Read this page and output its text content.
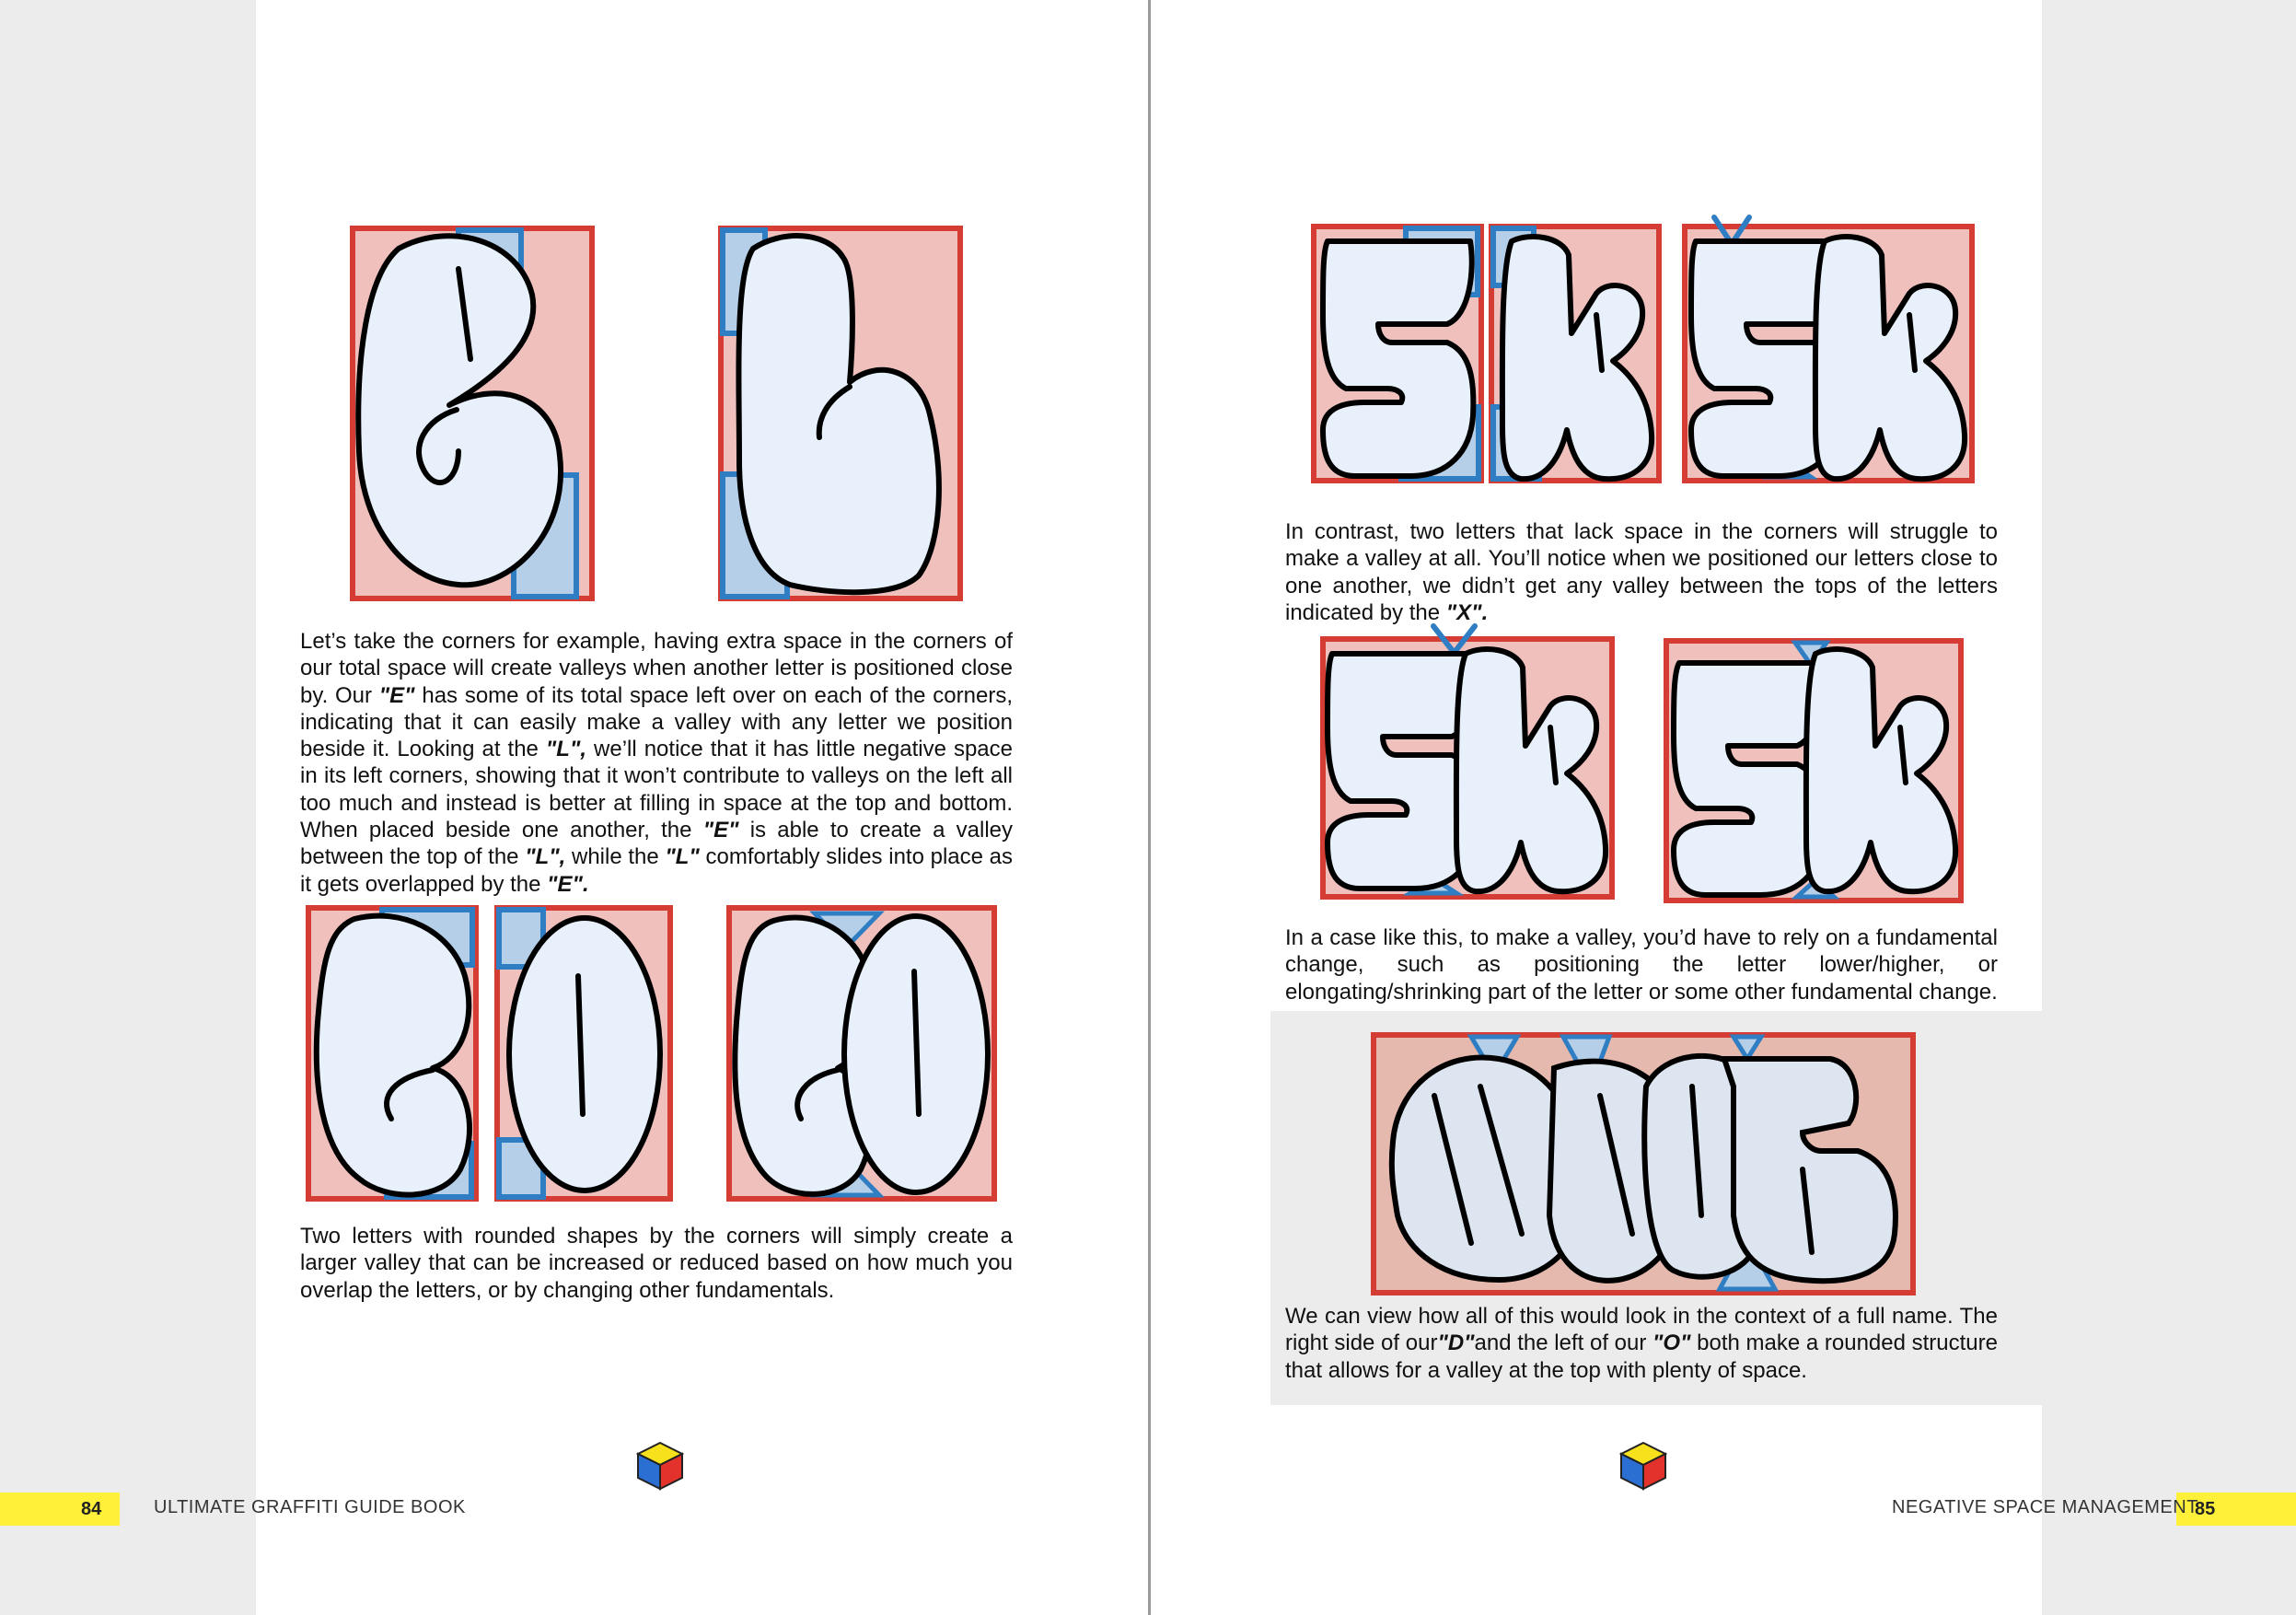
Let’s take the corners for example, having extra space in the corners of our total space will create valleys when another letter is positioned close by. Our "E" has some of its total space left over on each of the corners, indicating that it can easily make a valley with any letter we position beside it. Looking at the "L", we’ll notice that it has little negative space in its left corners, showing that it won’t contribute to valleys on the left all too much and instead is better at filling in space at the top and bottom. When placed beside one another, the "E" is able to create a valley between the top of the "L", while the "L" comfortably slides into place as it gets overlapped by the "E".

Two letters with rounded shapes by the corners will simply create a larger valley that can be increased or reduced based on how much you overlap the letters, or by changing other fundamentals.

In contrast, two letters that lack space in the corners will struggle to make a valley at all. You’ll notice when we positioned our letters close to one another, we didn’t get any valley between the tops of the letters indicated by the "X".

In a case like this, to make a valley, you’d have to rely on a fundamental change, such as positioning the letter lower/higher, or elongating/shrinking part of the letter or some other fundamental change.

We can view how all of this would look in the context of a full name. The right side of our"D"and the left of our "O" both make a rounded structure that allows for a valley at the top with plenty of space.
84	ULTIMATE GRAFFITI GUIDE BOOK	85
NEGATIVE SPACE MANAGEMENT
